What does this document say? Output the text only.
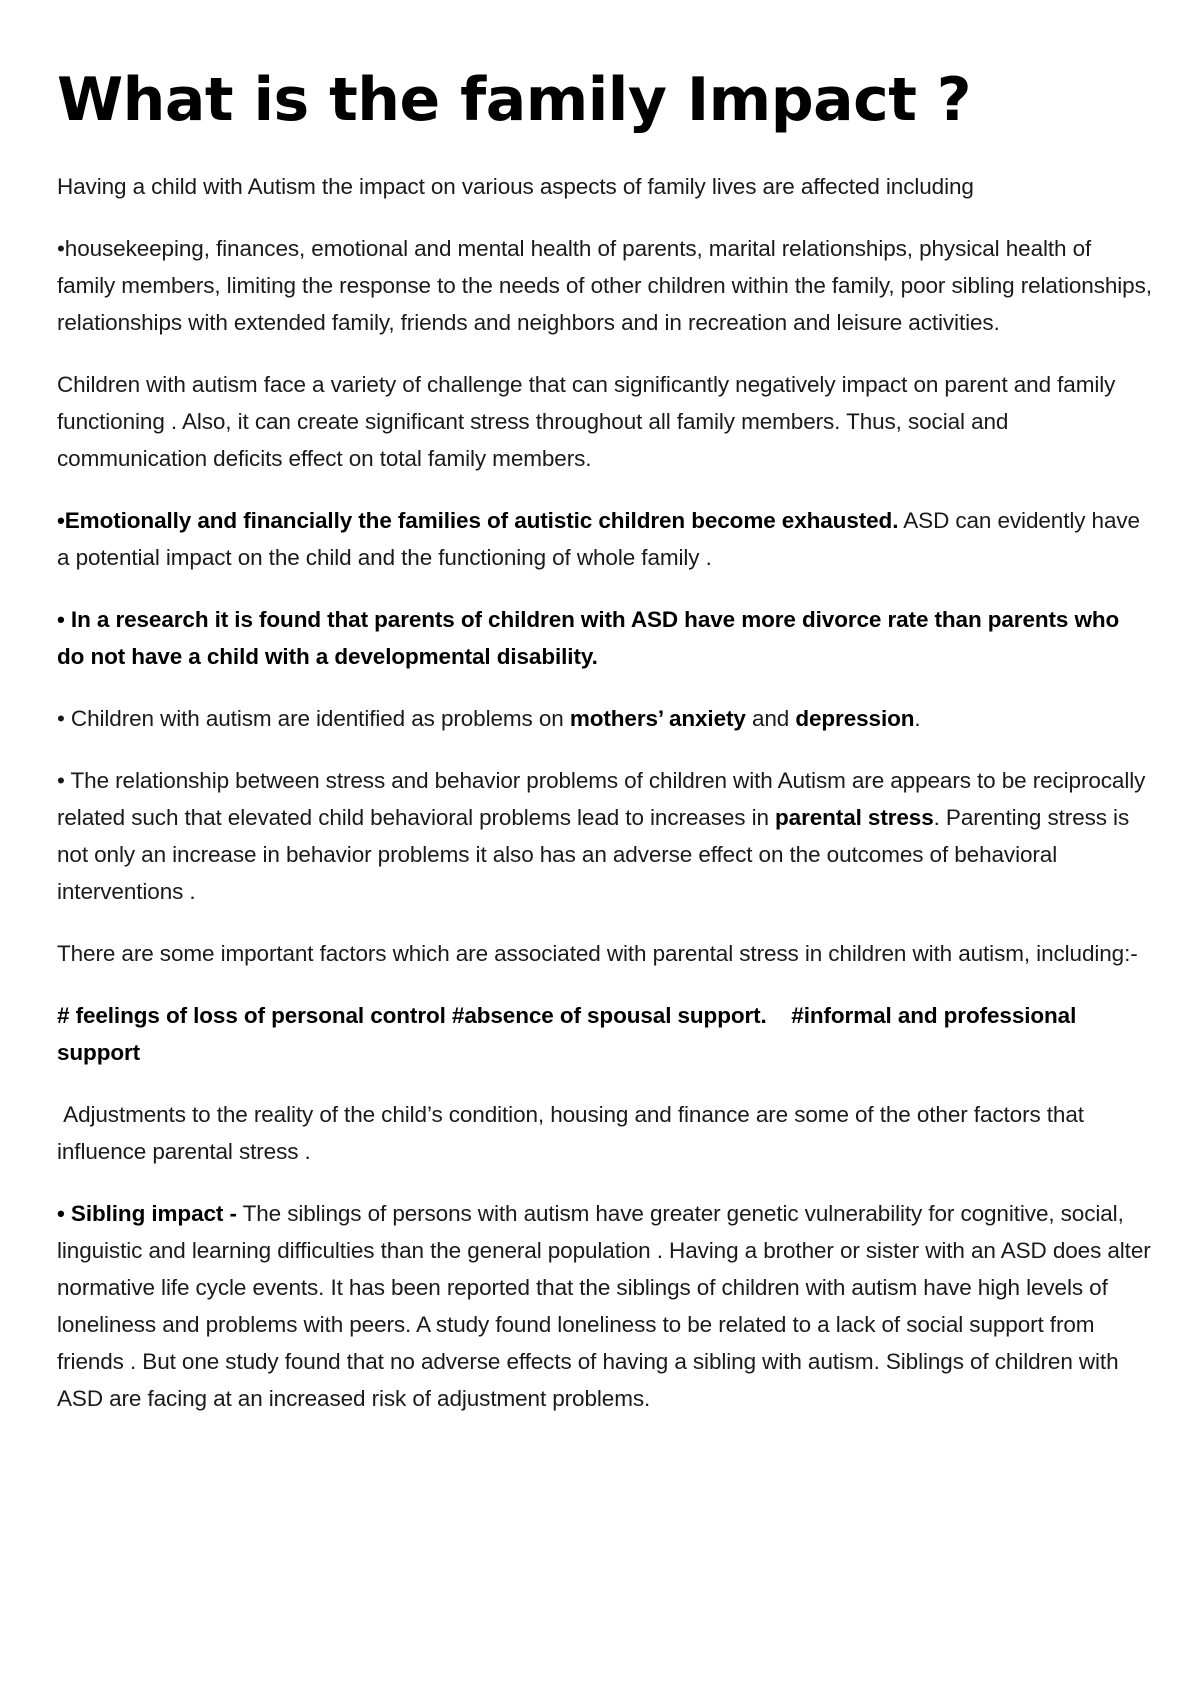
What is the family Impact ?

Having a child with Autism the impact on various aspects of family lives are affected including

•housekeeping, finances, emotional and mental health of parents, marital relationships, physical health of family members, limiting the response to the needs of other children within the family, poor sibling relationships, relationships with extended family, friends and neighbors and in recreation and leisure activities.

Children with autism face a variety of challenge that can significantly negatively impact on parent and family functioning . Also, it can create significant stress throughout all family members. Thus, social and communication deficits effect on total family members.

•Emotionally and financially the families of autistic children become exhausted. ASD can evidently have a potential impact on the child and the functioning of whole family .

• In a research it is found that parents of children with ASD have more divorce rate than parents who do not have a child with a developmental disability.

• Children with autism are identified as problems on mothers’ anxiety and depression.

• The relationship between stress and behavior problems of children with Autism are appears to be reciprocally related such that elevated child behavioral problems lead to increases in parental stress. Parenting stress is not only an increase in behavior problems it also has an adverse effect on the outcomes of behavioral interventions .

There are some important factors which are associated with parental stress in children with autism, including:-

# feelings of loss of personal control #absence of spousal support.    #informal and professional support

Adjustments to the reality of the child’s condition, housing and finance are some of the other factors that influence parental stress .

• Sibling impact - The siblings of persons with autism have greater genetic vulnerability for cognitive, social, linguistic and learning difficulties than the general population . Having a brother or sister with an ASD does alter normative life cycle events. It has been reported that the siblings of children with autism have high levels of loneliness and problems with peers. A study found loneliness to be related to a lack of social support from friends . But one study found that no adverse effects of having a sibling with autism. Siblings of children with ASD are facing at an increased risk of adjustment problems.
